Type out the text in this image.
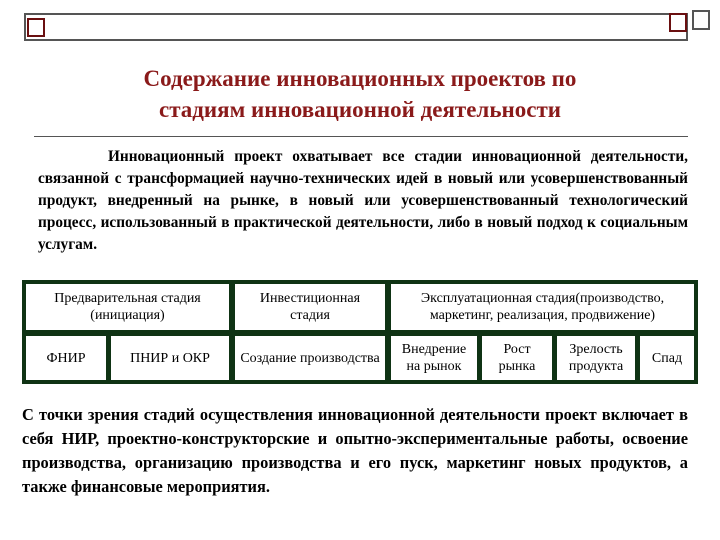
Содержание инновационных проектов по
стадиям инновационной деятельности
Инновационный проект охватывает все стадии инновационной деятельности, связанной с трансформацией научно-технических идей в новый или усовершенствованный продукт, внедренный на рынке, в новый или усовершенствованный технологический процесс, использованный в практической деятельности, либо в новый подход к социальным услугам.
Предварительная стадия (инициация)
Инвестиционная стадия
Эксплуатационная стадия(производство, маркетинг, реализация, продвижение)
ФНИР	ПНИР и ОКР Создание производства
Внедрение на рынок
Рост рынка
Зрелость продукта
Спад
С точки зрения стадий осуществления инновационной деятельности проект включает в себя НИР, проектно-конструкторские и опытно-экспериментальные работы, освоение производства, организацию производства и его пуск, маркетинг новых продуктов, а также финансовые мероприятия.
